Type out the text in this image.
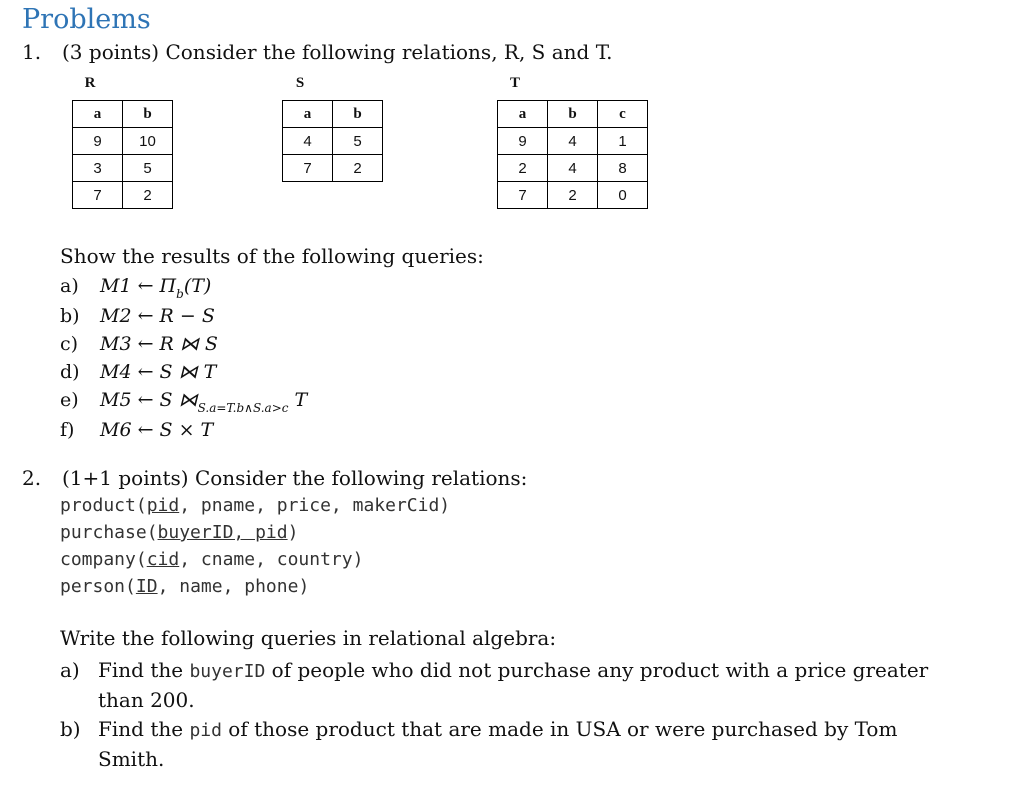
Problems
1. (3 points) Consider the following relations, R, S and T.
R
a	b
9	10
3	5
7	2
S
a	b
4	5
7	2
T
a	b	c
9	4	1
2	4	8
7	2	0
Show the results of the following queries:
a)	M1 ← $\Pi_b(T)$
b)	M2 ← R − S
c)	M3 ← R ⋈ S
d)	M4 ← S ⋈ T
e)	M5 ← S $⋈_{S.a=T.b\wedge S.a>c}$ T
f)	M6 ← S × T
2. (1+1 points) Consider the following relations:
product(pid, pname, price, makerCid)
purchase(buyerID, pid)
company(cid, cname, country)
person(ID, name, phone)
Write the following queries in relational algebra:
a) Find the buyerID of people who did not purchase any product with a price greater than 200.
b) Find the pid of those product that are made in USA or were purchased by Tom Smith.
